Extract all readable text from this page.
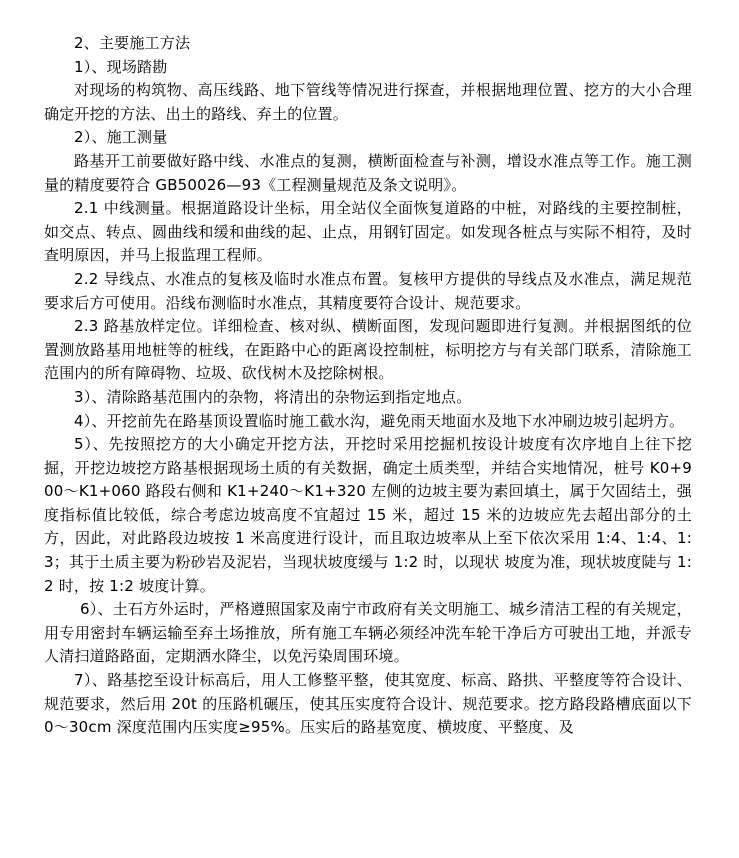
2、主要施工方法

1）、现场踏勘

对现场的构筑物、高压线路、地下管线等情况进行探查，并根据地理位置、挖方的大小合理确定开挖的方法、出土的路线、弃土的位置。

2）、施工测量

路基开工前要做好路中线、水准点的复测，横断面检查与补测，增设水准点等工作。施工测量的精度要符合 GB50026—93《工程测量规范及条文说明》。

2.1 中线测量。根据道路设计坐标，用全站仪全面恢复道路的中桩，对路线的主要控制桩，如交点、转点、圆曲线和缓和曲线的起、止点，用钢钉固定。如发现各桩点与实际不相符，及时查明原因，并马上报监理工程师。

2.2 导线点、水准点的复核及临时水准点布置。复核甲方提供的导线点及水准点，满足规范要求后方可使用。沿线布测临时水准点，其精度要符合设计、规范要求。

2.3 路基放样定位。详细检查、核对纵、横断面图，发现问题即进行复测。并根据图纸的位置测放路基用地桩等的桩线，在距路中心的距离设控制桩，标明挖方与有关部门联系，清除施工范围内的所有障碍物、垃圾、砍伐树木及挖除树根。

3）、清除路基范围内的杂物，将清出的杂物运到指定地点。

4）、开挖前先在路基顶设置临时施工截水沟，避免雨天地面水及地下水冲刷边坡引起坍方。

5）、先按照挖方的大小确定开挖方法，开挖时采用挖掘机按设计坡度有次序地自上往下挖掘，开挖边坡挖方路基根据现场土质的有关数据，确定土质类型，并结合实地情况，桩号 K0+900～K1+060 路段右侧和 K1+240～K1+320 左侧的边坡主要为素回填土，属于欠固结土，强度指标值比较低，综合考虑边坡高度不宜超过 15 米，超过 15 米的边坡应先去超出部分的土方，因此，对此路段边坡按 1 米高度进行设计，而且取边坡率从上至下依次采用 1:4、1:4、1:3；其于土质主要为粉砂岩及泥岩，当现状坡度缓与 1:2 时，以现状 坡度为准，现状坡度陡与 1:2 时，按 1:2 坡度计算。

6）、土石方外运时，严格遵照国家及南宁市政府有关文明施工、城乡清洁工程的有关规定，用专用密封车辆运输至弃土场推放，所有施工车辆必须经冲洗车轮干净后方可驶出工地，并派专人清扫道路路面，定期洒水降尘，以免污染周围环境。

7）、路基挖至设计标高后，用人工修整平整，使其宽度、标高、路拱、平整度等符合设计、规范要求，然后用 20t 的压路机碾压，使其压实度符合设计、规范要求。挖方路段路槽底面以下 0～30cm 深度范围内压实度≥95%。压实后的路基宽度、横坡度、平整度、及
